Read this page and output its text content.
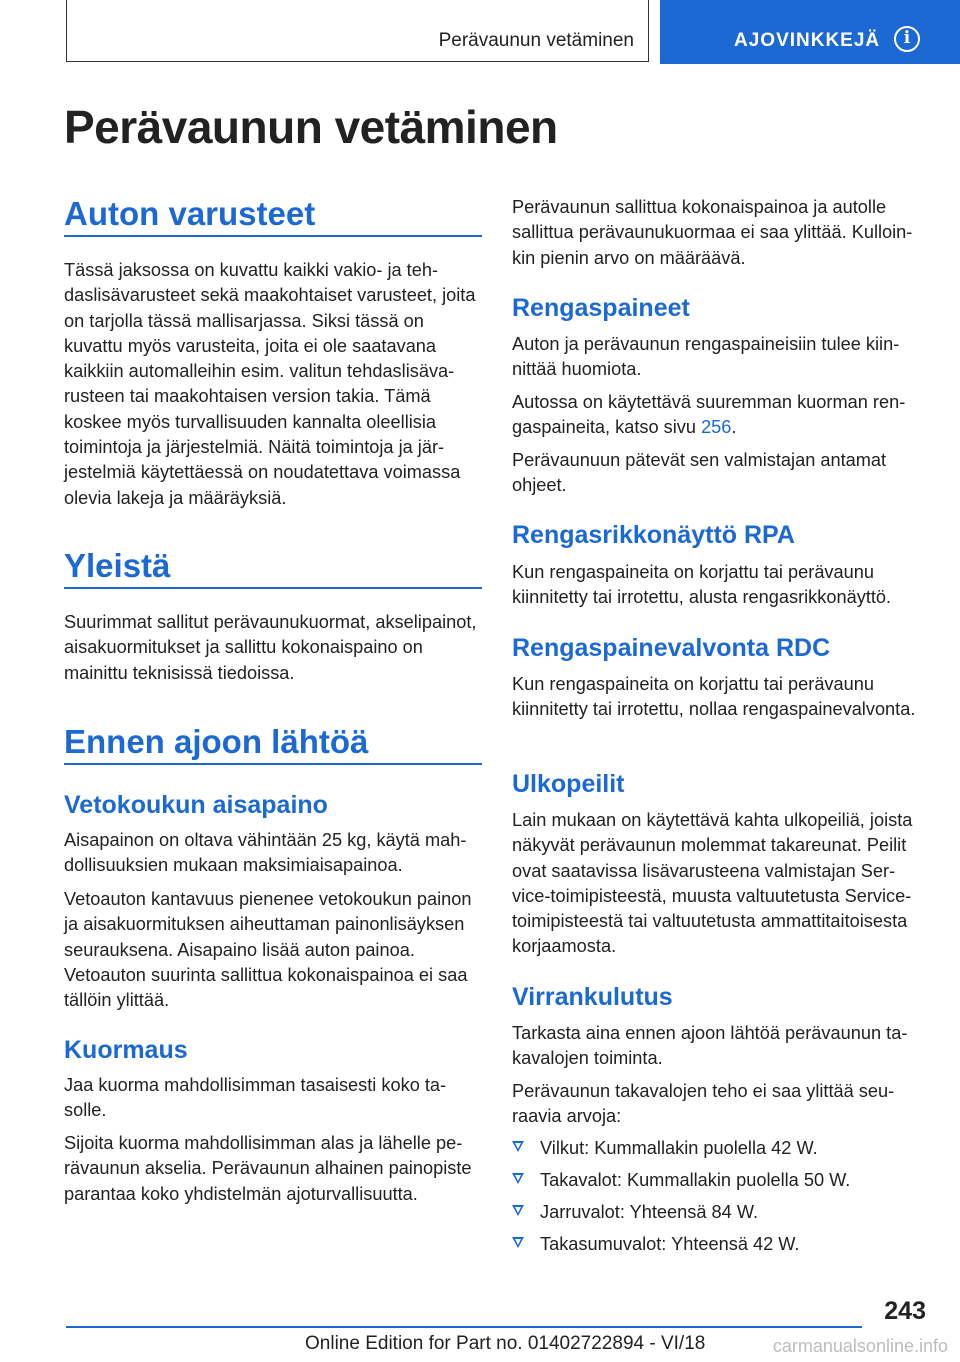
Perävaunun vetäminen	AJOVINKKEJÄ	i
Perävaunun vetäminen
Auton varusteet

Tässä jaksossa on kuvattu kaikki vakio- ja tehdaslisävarusteet sekä maakohtaiset varusteet, joita on tarjolla tässä mallisarjassa. Siksi tässä on kuvattu myös varusteita, joita ei ole saatavana kaikkiin automalleihin esim. valitun tehdaslisävarusteen tai maakohtaisen version takia. Tämä koskee myös turvallisuuden kannalta oleellisia toimintoja ja järjestelmiä. Näitä toimintoja ja järjestelmiä käytettäessä on noudatettava voimassa olevia lakeja ja määräyksiä.

Yleistä

Suurimmat sallitut perävaunukuormat, akselipainot, aisakuormitukset ja sallittu kokonaispaino on mainittu teknisissä tiedoissa.

Ennen ajoon lähtöä
Vetokoukun aisapaino

Aisapainon on oltava vähintään 25 kg, käytä mahdollisuuksien mukaan maksimiaisapainoa.

Vetoauton kantavuus pienenee vetokoukun painon ja aisakuormituksen aiheuttaman painonlisäyksen seurauksena. Aisapaino lisää auton painoa. Vetoauton suurinta sallittua kokonaispainoa ei saa tällöin ylittää.

Kuormaus

Jaa kuorma mahdollisimman tasaisesti koko tasolle.

Sijoita kuorma mahdollisimman alas ja lähelle perävaunun akselia. Perävaunun alhainen painopiste parantaa koko yhdistelmän ajoturvallisuutta.

Perävaunun sallittua kokonaispainoa ja autolle sallittua perävaunukuormaa ei saa ylittää. Kulloinkin pienin arvo on määräävä.

Rengaspaineet

Auton ja perävaunun rengaspaineisiin tulee kiinnittää huomiota.

Autossa on käytettävä suuremman kuorman rengaspaineita, katso sivu 256.

Perävaunuun pätevät sen valmistajan antamat ohjeet.

Rengasrikkonäyttö RPA

Kun rengaspaineita on korjattu tai perävaunu kiinnitetty tai irrotettu, alusta rengasrikkonäyttö.

Rengaspainevalvonta RDC

Kun rengaspaineita on korjattu tai perävaunu kiinnitetty tai irrotettu, nollaa rengaspainevalvonta.

Ulkopeilit

Lain mukaan on käytettävä kahta ulkopeiliä, joista näkyvät perävaunun molemmat takareunat. Peilit ovat saatavissa lisävarusteena valmistajan Service-toimipisteestä, muusta valtuutetusta Service-toimipisteestä tai valtuutetusta ammattitaitoisesta korjaamosta.

Virrankulutus

Tarkasta aina ennen ajoon lähtöä perävaunun takavalojen toiminta.

Perävaunun takavalojen teho ei saa ylittää seuraavia arvoja:

Vilkut: Kummallakin puolella 42 W.
Takavalot: Kummallakin puolella 50 W.
Jarruvalot: Yhteensä 84 W.
Takasumuvalot: Yhteensä 42 W.
243
Online Edition for Part no. 01402722894 - VI/18	carmanualsonline.info
